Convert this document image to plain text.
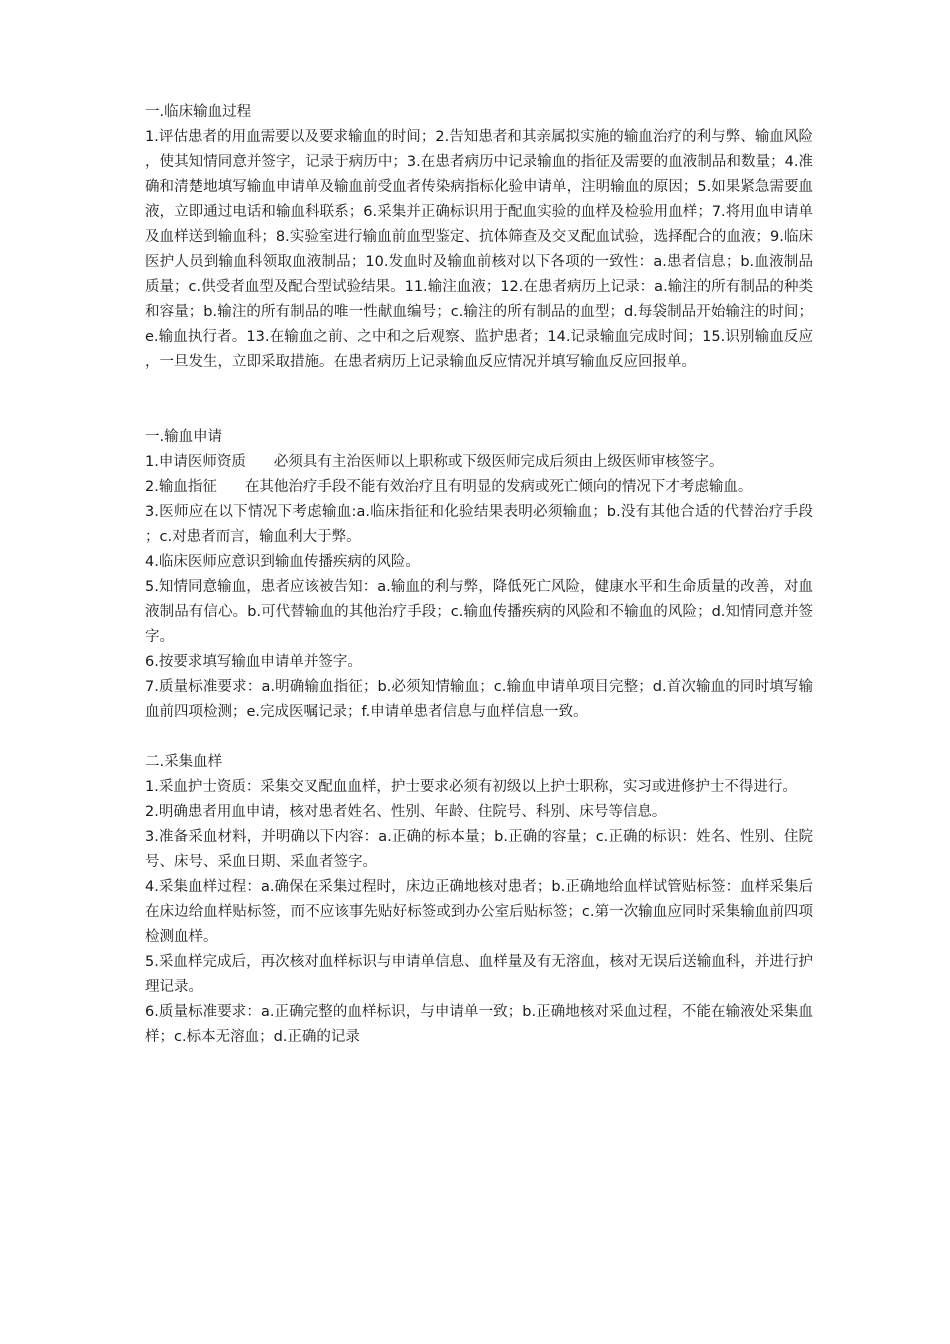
一.临床输血过程

1.评估患者的用血需要以及要求输血的时间；2.告知患者和其亲属拟实施的输血治疗的利与弊、输血风险，使其知情同意并签字，记录于病历中；3.在患者病历中记录输血的指征及需要的血液制品和数量；4.准确和清楚地填写输血申请单及输血前受血者传染病指标化验申请单，注明输血的原因；5.如果紧急需要血液，立即通过电话和输血科联系；6.采集并正确标识用于配血实验的血样及检验用血样；7.将用血申请单及血样送到输血科；8.实验室进行输血前血型鉴定、抗体筛查及交叉配血试验，选择配合的血液；9.临床医护人员到输血科领取血液制品；10.发血时及输血前核对以下各项的一致性：a.患者信息；b.血液制品质量；c.供受者血型及配合型试验结果。11.输注血液；12.在患者病历上记录：a.输注的所有制品的种类和容量；b.输注的所有制品的唯一性献血编号；c.输注的所有制品的血型；d.每袋制品开始输注的时间；e.输血执行者。13.在输血之前、之中和之后观察、监护患者；14.记录输血完成时间；15.识别输血反应，一旦发生，立即采取措施。在患者病历上记录输血反应情况并填写输血反应回报单。

一.输血申请

1.申请医师资质 必须具有主治医师以上职称或下级医师完成后须由上级医师审核签字。

2.输血指征 在其他治疗手段不能有效治疗且有明显的发病或死亡倾向的情况下才考虑输血。

3.医师应在以下情况下考虑输血:a.临床指征和化验结果表明必须输血；b.没有其他合适的代替治疗手段；c.对患者而言，输血利大于弊。

4.临床医师应意识到输血传播疾病的风险。

5.知情同意输血，患者应该被告知：a.输血的利与弊，降低死亡风险，健康水平和生命质量的改善，对血液制品有信心。b.可代替输血的其他治疗手段；c.输血传播疾病的风险和不输血的风险；d.知情同意并签字。

6.按要求填写输血申请单并签字。

7.质量标准要求：a.明确输血指征；b.必须知情输血；c.输血申请单项目完整；d.首次输血的同时填写输血前四项检测；e.完成医嘱记录；f.申请单患者信息与血样信息一致。

二.采集血样

1.采血护士资质：采集交叉配血血样，护士要求必须有初级以上护士职称，实习或进修护士不得进行。

2.明确患者用血申请，核对患者姓名、性别、年龄、住院号、科别、床号等信息。

3.准备采血材料，并明确以下内容：a.正确的标本量；b.正确的容量；c.正确的标识：姓名、性别、住院号、床号、采血日期、采血者签字。

4.采集血样过程：a.确保在采集过程时，床边正确地核对患者；b.正确地给血样试管贴标签：血样采集后在床边给血样贴标签，而不应该事先贴好标签或到办公室后贴标签；c.第一次输血应同时采集输血前四项检测血样。

5.采血样完成后，再次核对血样标识与申请单信息、血样量及有无溶血，核对无误后送输血科，并进行护理记录。

6.质量标准要求：a.正确完整的血样标识，与申请单一致；b.正确地核对采血过程，不能在输液处采集血样；c.标本无溶血；d.正确的记录
